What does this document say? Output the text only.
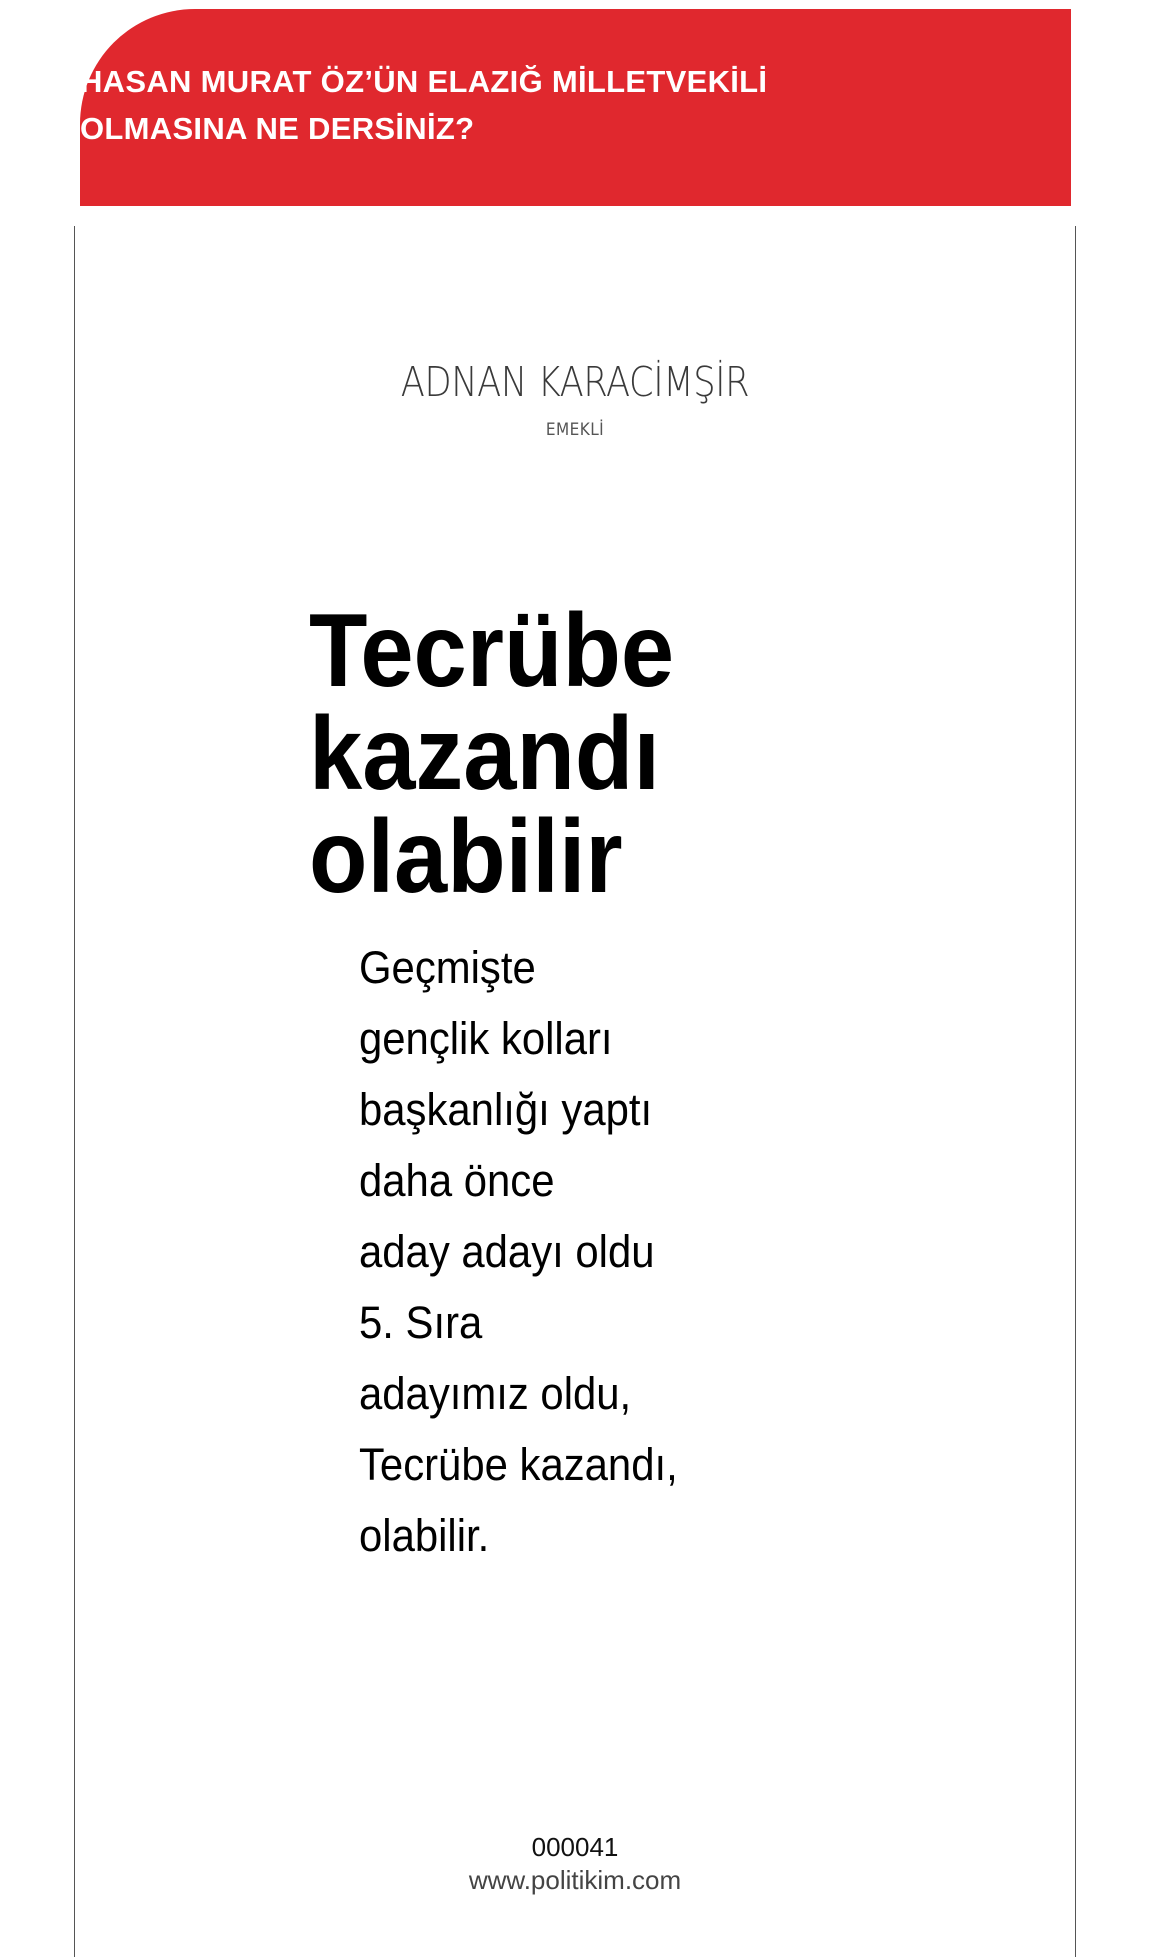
HASAN MURAT ÖZ’ÜN ELAZIĞ MİLLETVEKİLİ
OLMASINA NE DERSİNİZ?
ADNAN KARACİMŞİR
EMEKLİ
Tecrübe
kazandı
olabilir
Geçmişte
gençlik kolları
başkanlığı yaptı
daha önce
aday adayı oldu
5. Sıra
adayımız oldu,
Tecrübe kazandı,
olabilir.
000041
www.politikim.com
